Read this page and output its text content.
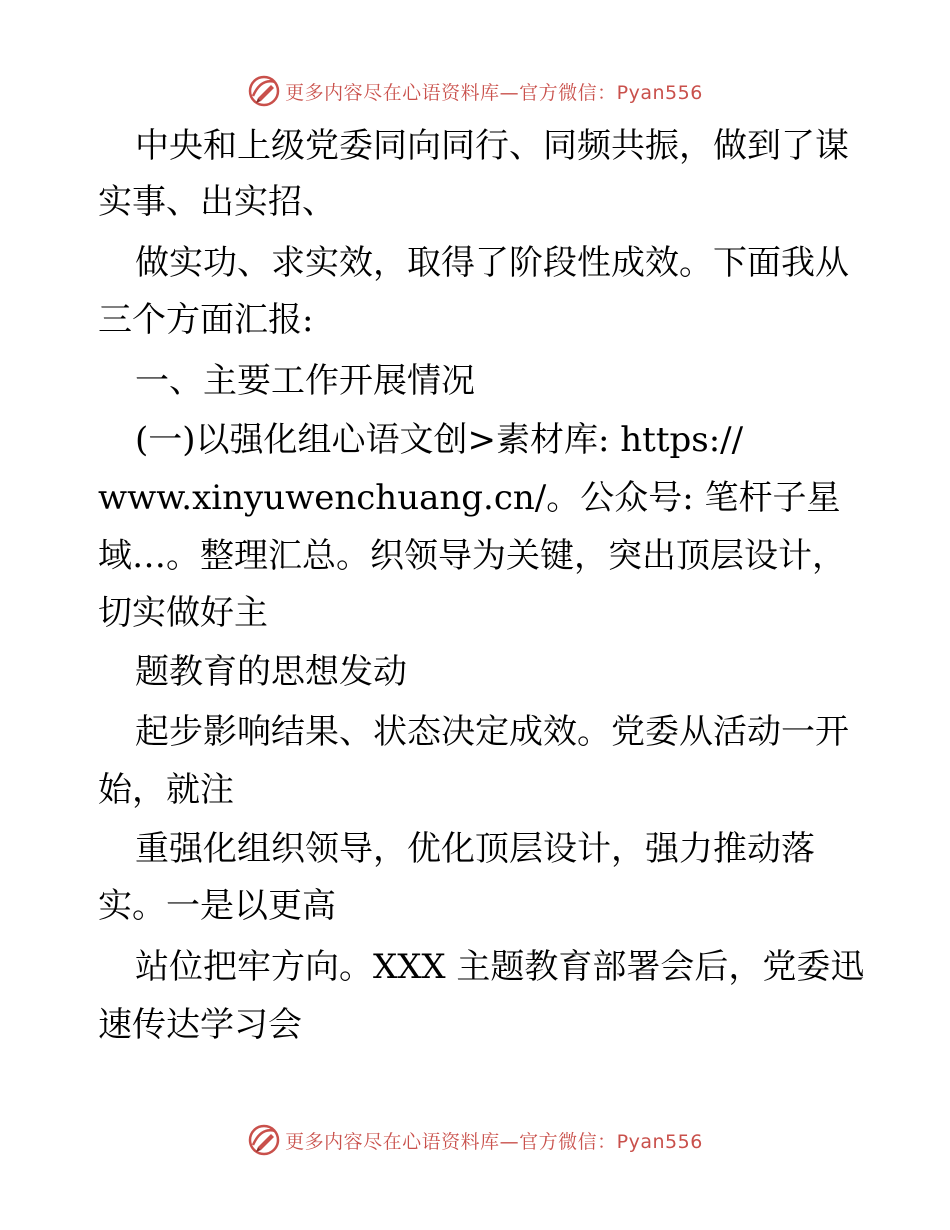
更多内容尽在心语资料库—官方微信：Pyan556
中央和上级党委同向同行、同频共振，做到了谋
实事、出实招、
做实功、求实效，取得了阶段性成效。下面我从
三个方面汇报:
一、主要工作开展情况
(一)以强化组心语文创>素材库: https://
www.xinyuwenchuang.cn/。公众号: 笔杆子星
域…。整理汇总。织领导为关键，突出顶层设计，
切实做好主
题教育的思想发动
起步影响结果、状态决定成效。党委从活动一开
始，就注
重强化组织领导，优化顶层设计，强力推动落
实。一是以更高
站位把牢方向。XXX 主题教育部署会后，党委迅
速传达学习会
更多内容尽在心语资料库—官方微信：Pyan556
